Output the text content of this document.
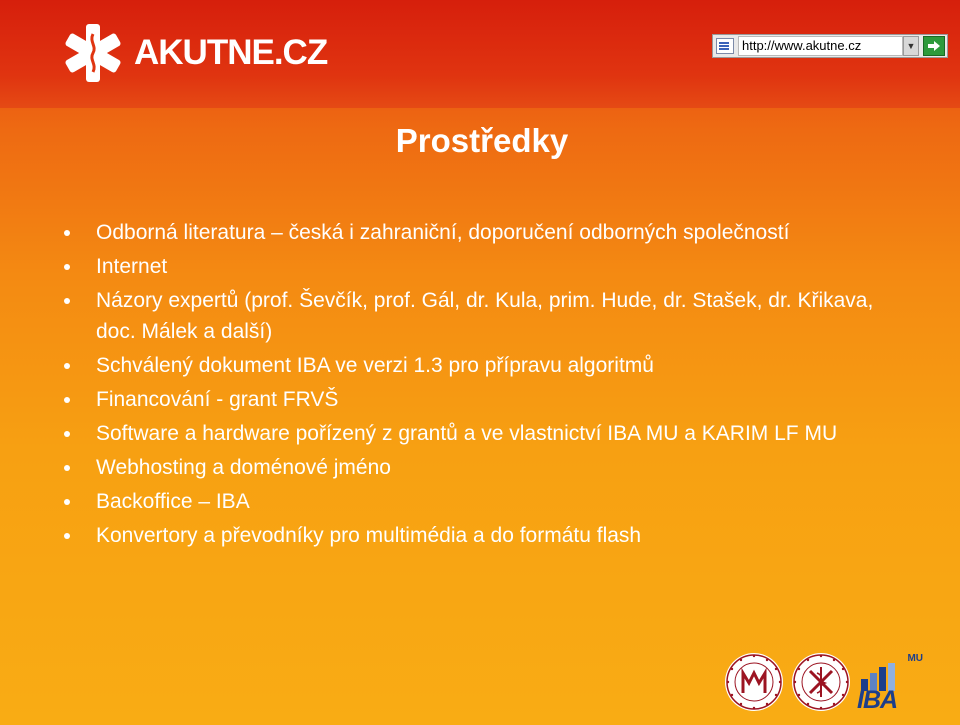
AKUTNE.CZ	http://www.akutne.cz	▼
Prostředky
Odborná literatura – česká i zahraniční, doporučení odborných společností
Internet
Názory expertů (prof. Ševčík, prof. Gál, dr. Kula, prim. Hude, dr. Stašek, dr. Křikava, doc. Málek a další)
Schválený dokument IBA ve verzi 1.3 pro přípravu algoritmů
Financování - grant FRVŠ
Software a hardware pořízený z grantů a ve vlastnictví IBA MU a KARIM LF MU
Webhosting a doménové jméno
Backoffice – IBA
Konvertory a převodníky pro multimédia a do formátu flash
MU
IBA
